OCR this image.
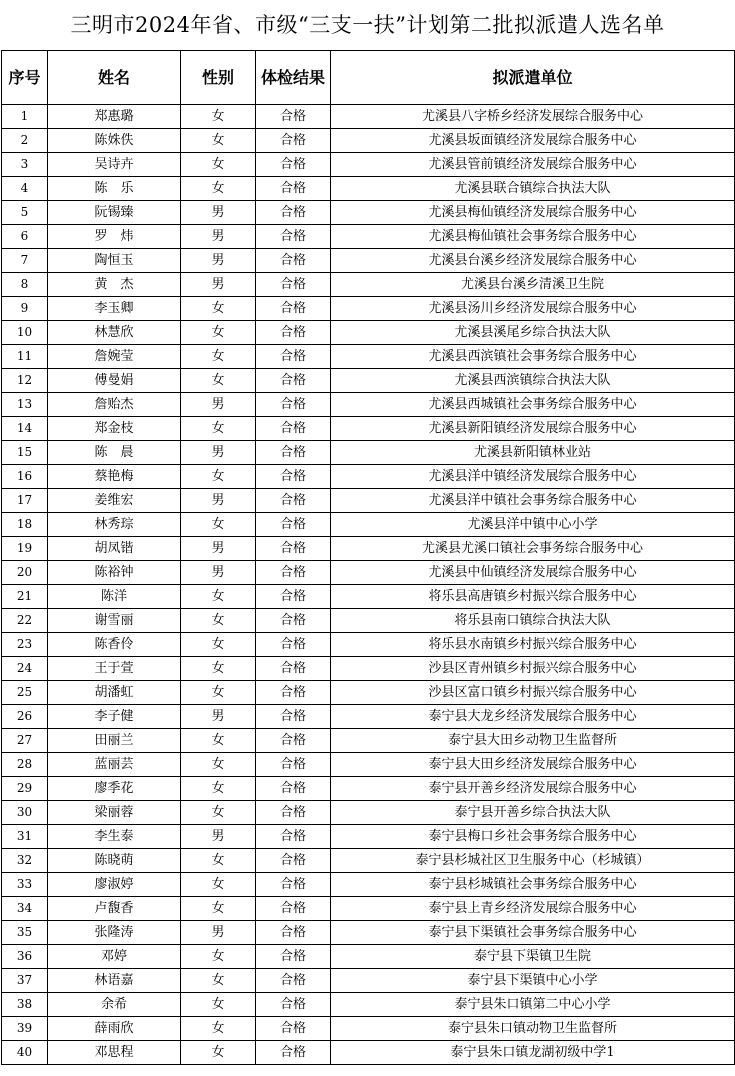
三明市2024年省、市级“三支一扶”计划第二批拟派遣人选名单
序号	姓名	性别	体检结果	拟派遣单位
1	郑惠璐	女	合格	尤溪县八字桥乡经济发展综合服务中心
2	陈姝佚	女	合格	尤溪县坂面镇经济发展综合服务中心
3	吴诗卉	女	合格	尤溪县管前镇经济发展综合服务中心
4	陈　乐	女	合格	尤溪县联合镇综合执法大队
5	阮锡臻	男	合格	尤溪县梅仙镇经济发展综合服务中心
6	罗　炜	男	合格	尤溪县梅仙镇社会事务综合服务中心
7	陶恒玉	男	合格	尤溪县台溪乡经济发展综合服务中心
8	黄　杰	男	合格	尤溪县台溪乡清溪卫生院
9	李玉卿	女	合格	尤溪县汤川乡经济发展综合服务中心
10	林慧欣	女	合格	尤溪县溪尾乡综合执法大队
11	詹婉莹	女	合格	尤溪县西滨镇社会事务综合服务中心
12	傅曼娟	女	合格	尤溪县西滨镇综合执法大队
13	詹贻杰	男	合格	尤溪县西城镇社会事务综合服务中心
14	郑金枝	女	合格	尤溪县新阳镇经济发展综合服务中心
15	陈　晨	男	合格	尤溪县新阳镇林业站
16	蔡艳梅	女	合格	尤溪县洋中镇经济发展综合服务中心
17	姜维宏	男	合格	尤溪县洋中镇社会事务综合服务中心
18	林秀琮	女	合格	尤溪县洋中镇中心小学
19	胡凤锴	男	合格	尤溪县尤溪口镇社会事务综合服务中心
20	陈裕钟	男	合格	尤溪县中仙镇经济发展综合服务中心
21	陈洋	女	合格	将乐县高唐镇乡村振兴综合服务中心
22	谢雪丽	女	合格	将乐县南口镇综合执法大队
23	陈香伶	女	合格	将乐县水南镇乡村振兴综合服务中心
24	王于萱	女	合格	沙县区青州镇乡村振兴综合服务中心
25	胡潘虹	女	合格	沙县区富口镇乡村振兴综合服务中心
26	李子健	男	合格	泰宁县大龙乡经济发展综合服务中心
27	田丽兰	女	合格	泰宁县大田乡动物卫生监督所
28	蓝丽芸	女	合格	泰宁县大田乡经济发展综合服务中心
29	廖季花	女	合格	泰宁县开善乡经济发展综合服务中心
30	梁丽蓉	女	合格	泰宁县开善乡综合执法大队
31	李生泰	男	合格	泰宁县梅口乡社会事务综合服务中心
32	陈晓萌	女	合格	泰宁县杉城社区卫生服务中心（杉城镇）
33	廖淑婷	女	合格	泰宁县杉城镇社会事务综合服务中心
34	卢馥香	女	合格	泰宁县上青乡经济发展综合服务中心
35	张隆涛	男	合格	泰宁县下渠镇社会事务综合服务中心
36	邓婷	女	合格	泰宁县下渠镇卫生院
37	林语嘉	女	合格	泰宁县下渠镇中心小学
38	余希	女	合格	泰宁县朱口镇第二中心小学
39	薛雨欣	女	合格	泰宁县朱口镇动物卫生监督所
40	邓思程	女	合格	泰宁县朱口镇龙湖初级中学1
